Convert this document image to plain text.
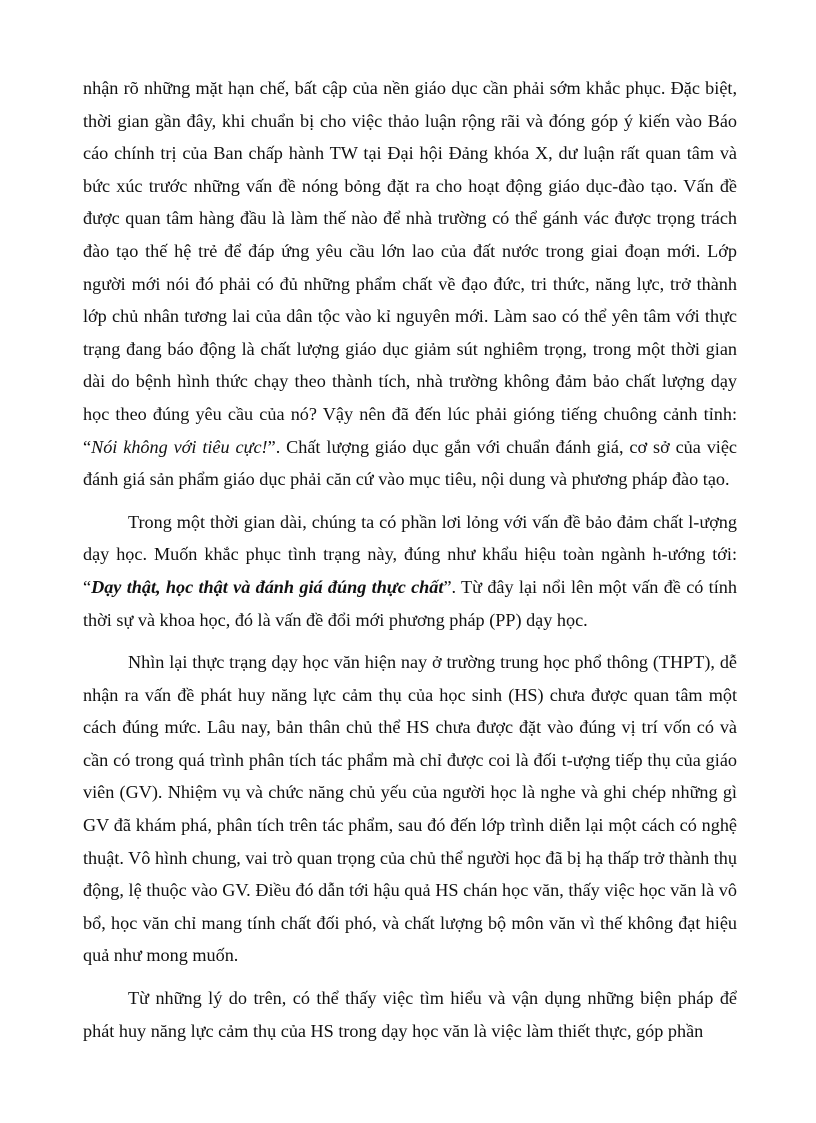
nhận rõ những mặt hạn chế, bất cập của nền giáo dục cần phải sớm khắc phục. Đặc biệt, thời gian gần đây, khi chuẩn bị cho việc thảo luận rộng rãi và đóng góp ý kiến vào Báo cáo chính trị của Ban chấp hành TW tại Đại hội Đảng khóa X, dư luận rất quan tâm và bức xúc trước những vấn đề nóng bỏng đặt ra cho hoạt động giáo dục-đào tạo. Vấn đề được quan tâm hàng đầu là làm thế nào để nhà trường có thể gánh vác được trọng trách đào tạo thế hệ trẻ để đáp ứng yêu cầu lớn lao của đất nước trong giai đoạn mới. Lớp người mới nói đó phải có đủ những phẩm chất về đạo đức, tri thức, năng lực, trở thành lớp chủ nhân tương lai của dân tộc vào kỉ nguyên mới. Làm sao có thể yên tâm với thực trạng đang báo động là chất lượng giáo dục giảm sút nghiêm trọng, trong một thời gian dài do bệnh hình thức chạy theo thành tích, nhà trường không đảm bảo chất lượng dạy học theo đúng yêu cầu của nó? Vậy nên đã đến lúc phải gióng tiếng chuông cảnh tỉnh: “Nói không với tiêu cực!”. Chất lượng giáo dục gắn với chuẩn đánh giá, cơ sở của việc đánh giá sản phẩm giáo dục phải căn cứ vào mục tiêu, nội dung và phương pháp đào tạo.

Trong một thời gian dài, chúng ta có phần lơi lỏng với vấn đề bảo đảm chất l-ượng dạy học. Muốn khắc phục tình trạng này, đúng như khẩu hiệu toàn ngành h-ướng tới: “Dạy thật, học thật và đánh giá đúng thực chất”. Từ đây lại nổi lên một vấn đề có tính thời sự và khoa học, đó là vấn đề đổi mới phương pháp (PP) dạy học.

Nhìn lại thực trạng dạy học văn hiện nay ở trường trung học phổ thông (THPT), dễ nhận ra vấn đề phát huy năng lực cảm thụ của học sinh (HS) chưa được quan tâm một cách đúng mức. Lâu nay, bản thân chủ thể HS chưa được đặt vào đúng vị trí vốn có và cần có trong quá trình phân tích tác phẩm mà chỉ được coi là đối t-ượng tiếp thụ của giáo viên (GV). Nhiệm vụ và chức năng chủ yếu của người học là nghe và ghi chép những gì GV đã khám phá, phân tích trên tác phẩm, sau đó đến lớp trình diễn lại một cách có nghệ thuật. Vô hình chung, vai trò quan trọng của chủ thể người học đã bị hạ thấp trở thành thụ động, lệ thuộc vào GV. Điều đó dẫn tới hậu quả HS chán học văn, thấy việc học văn là vô bổ, học văn chỉ mang tính chất đối phó, và chất lượng bộ môn văn vì thế không đạt hiệu quả như mong muốn.

Từ những lý do trên, có thể thấy việc tìm hiểu và vận dụng những biện pháp để phát huy năng lực cảm thụ của HS trong dạy học văn là việc làm thiết thực, góp phần
